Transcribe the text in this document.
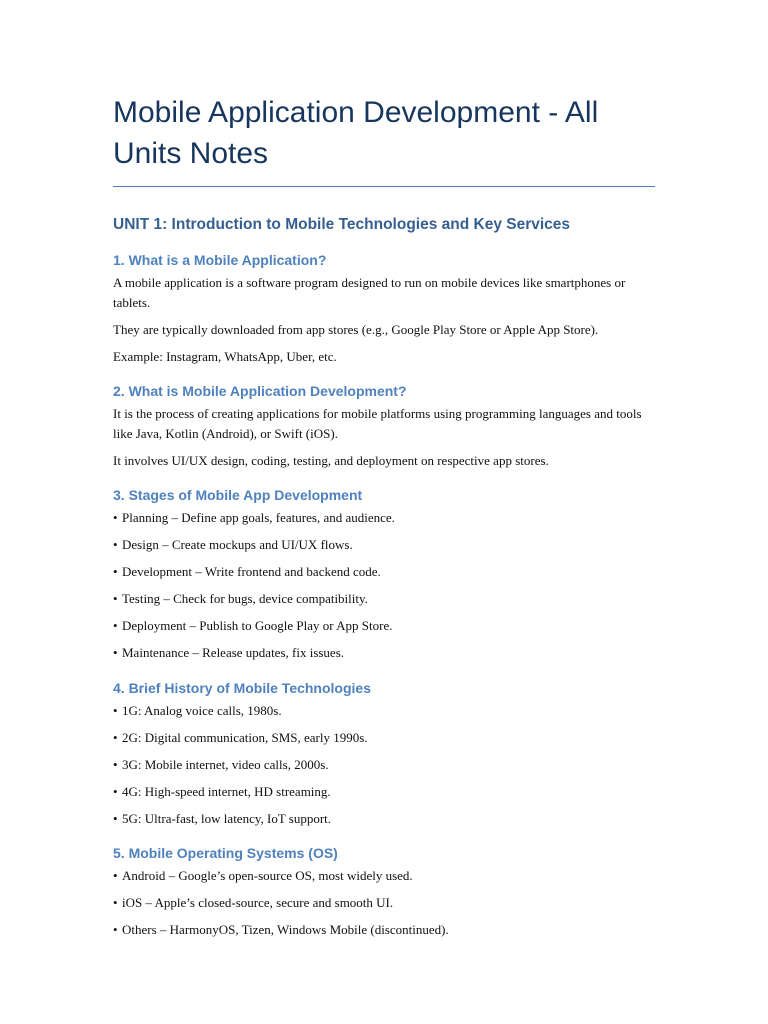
Mobile Application Development - All Units Notes
UNIT 1: Introduction to Mobile Technologies and Key Services
1. What is a Mobile Application?

A mobile application is a software program designed to run on mobile devices like smartphones or tablets.

They are typically downloaded from app stores (e.g., Google Play Store or Apple App Store).

Example: Instagram, WhatsApp, Uber, etc.

2. What is Mobile Application Development?

It is the process of creating applications for mobile platforms using programming languages and tools like Java, Kotlin (Android), or Swift (iOS).

It involves UI/UX design, coding, testing, and deployment on respective app stores.

3. Stages of Mobile App Development
• Planning – Define app goals, features, and audience.
• Design – Create mockups and UI/UX flows.
• Development – Write frontend and backend code.
• Testing – Check for bugs, device compatibility.
• Deployment – Publish to Google Play or App Store.
• Maintenance – Release updates, fix issues.
4. Brief History of Mobile Technologies
• 1G: Analog voice calls, 1980s.
• 2G: Digital communication, SMS, early 1990s.
• 3G: Mobile internet, video calls, 2000s.
• 4G: High-speed internet, HD streaming.
• 5G: Ultra-fast, low latency, IoT support.
5. Mobile Operating Systems (OS)
• Android – Google’s open-source OS, most widely used.
• iOS – Apple’s closed-source, secure and smooth UI.
• Others – HarmonyOS, Tizen, Windows Mobile (discontinued).
